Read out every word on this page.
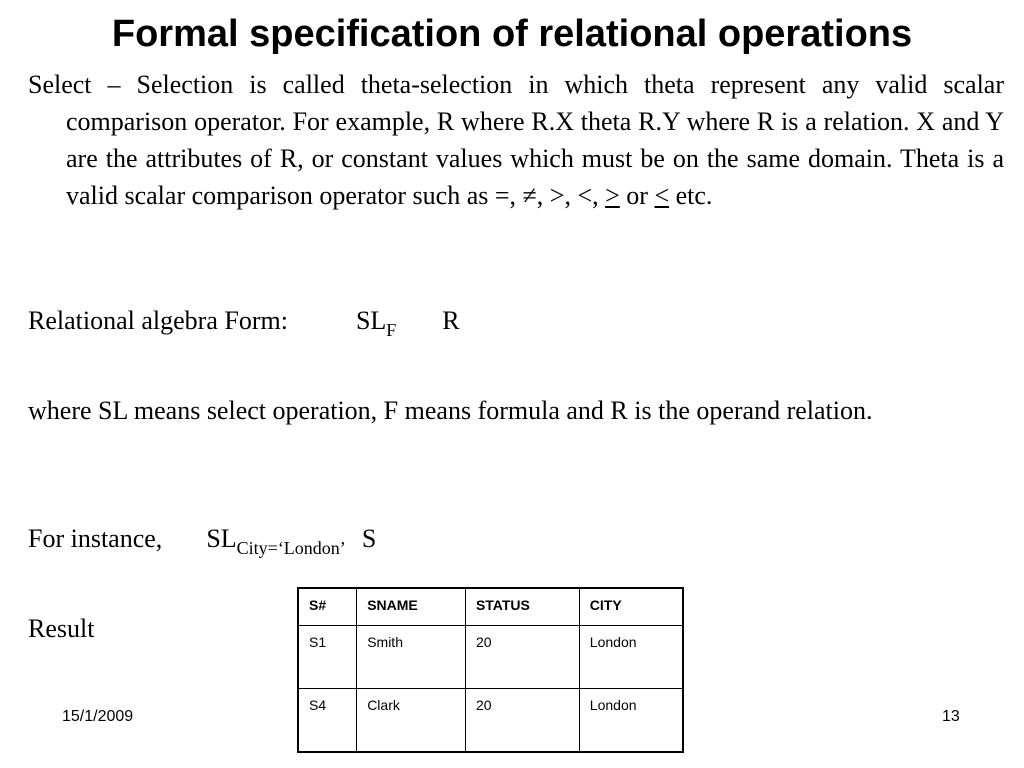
Formal specification of relational operations

Select – Selection is called theta-selection in which theta represent any valid scalar comparison operator. For example, R where R.X theta R.Y where R is a relation. X and Y are the attributes of R, or constant values which must be on the same domain. Theta is a valid scalar comparison operator such as =, ≠, >, <, > or < etc.

Relational algebra Form:	$SL_F$ R

where SL means select operation, F means formula and R is the operand relation.

For instance, $SL_{City=‘London’}$ S

Result

S#	SNAME	STATUS	CITY
S1	Smith	20	London
S4	Clark	20	London

15/1/2009	13
